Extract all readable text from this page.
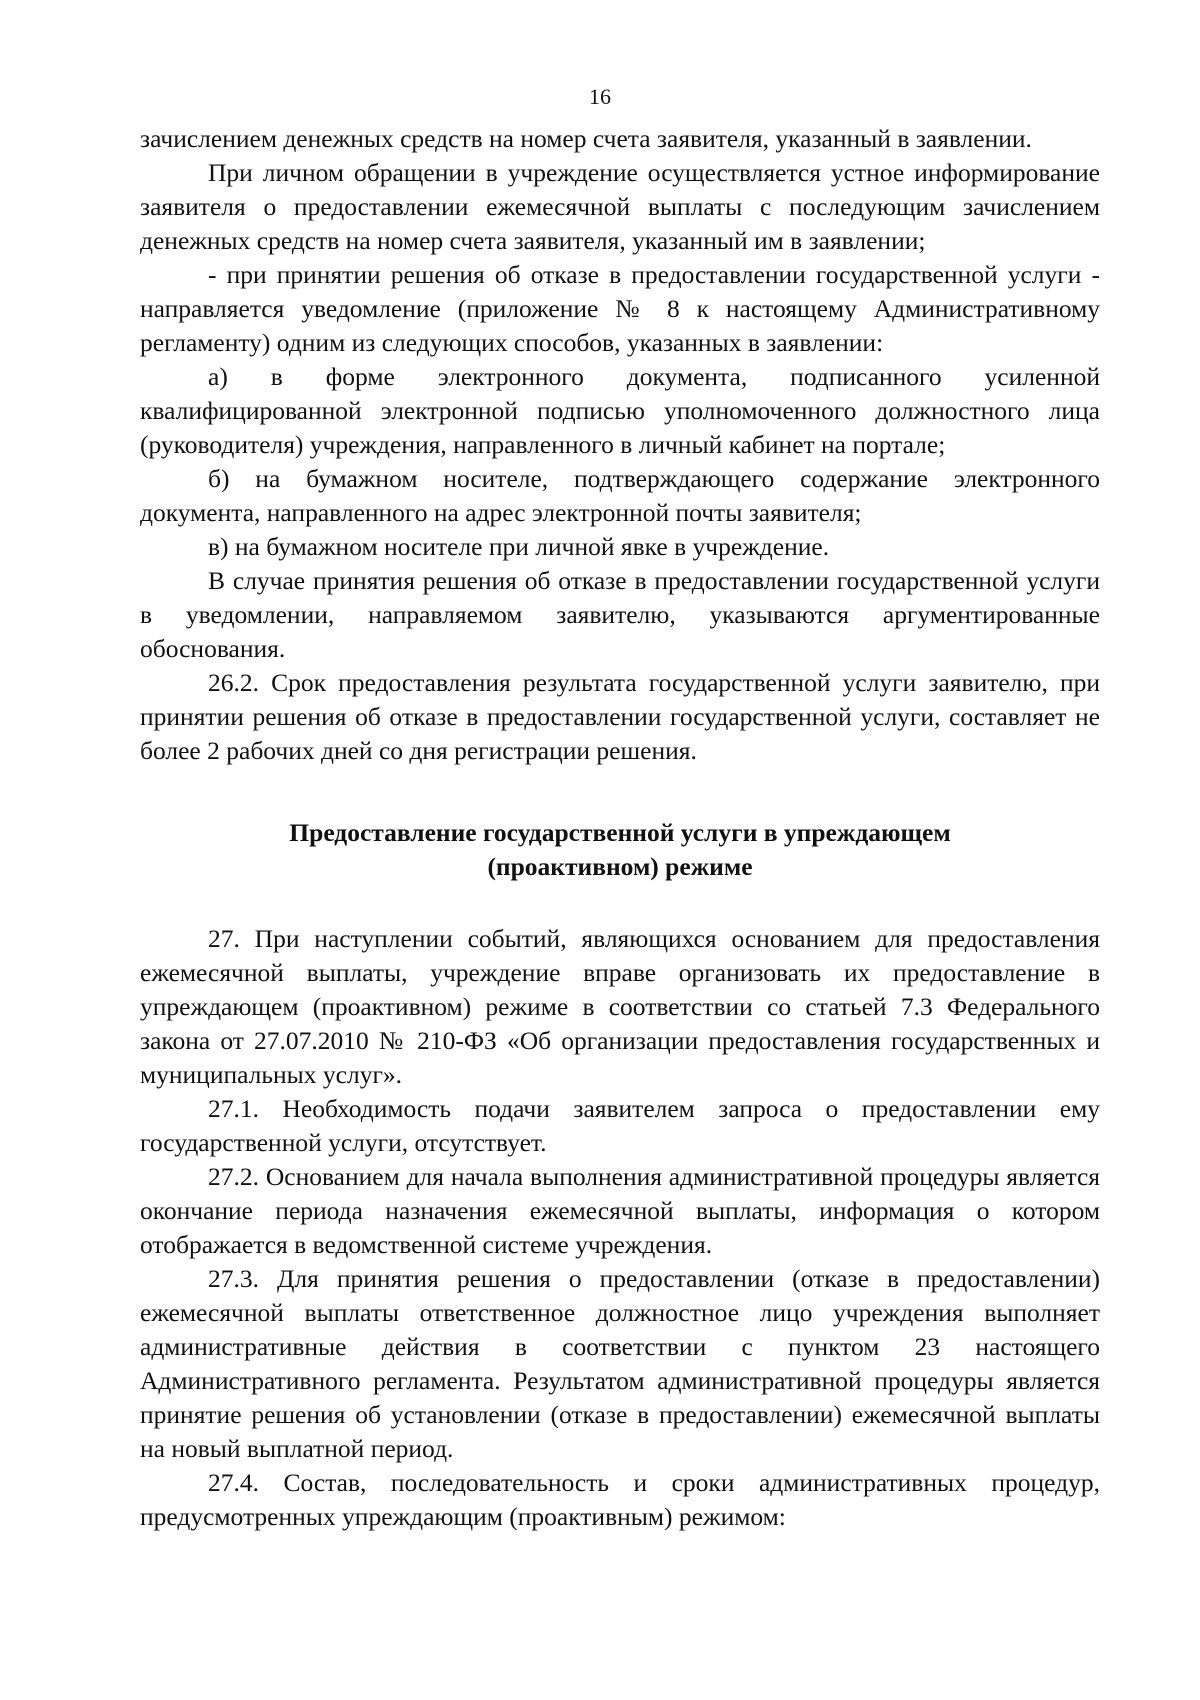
16

зачислением денежных средств на номер счета заявителя, указанный в заявлении.

При личном обращении в учреждение осуществляется устное информирование заявителя о предоставлении ежемесячной выплаты с последующим зачислением денежных средств на номер счета заявителя, указанный им в заявлении;

- при принятии решения об отказе в предоставлении государственной услуги - направляется уведомление (приложение № 8 к настоящему Административному регламенту) одним из следующих способов, указанных в заявлении:

а) в форме электронного документа, подписанного усиленной квалифицированной электронной подписью уполномоченного должностного лица (руководителя) учреждения, направленного в личный кабинет на портале;

б) на бумажном носителе, подтверждающего содержание электронного документа, направленного на адрес электронной почты заявителя;

в) на бумажном носителе при личной явке в учреждение.

В случае принятия решения об отказе в предоставлении государственной услуги в уведомлении, направляемом заявителю, указываются аргументированные обоснования.

26.2. Срок предоставления результата государственной услуги заявителю, при принятии решения об отказе в предоставлении государственной услуги, составляет не более 2 рабочих дней со дня регистрации решения.

Предоставление государственной услуги в упреждающем
(проактивном) режиме

27. При наступлении событий, являющихся основанием для предоставления ежемесячной выплаты, учреждение вправе организовать их предоставление в упреждающем (проактивном) режиме в соответствии со статьей 7.3 Федерального закона от 27.07.2010 № 210-ФЗ «Об организации предоставления государственных и муниципальных услуг».

27.1. Необходимость подачи заявителем запроса о предоставлении ему государственной услуги, отсутствует.

27.2. Основанием для начала выполнения административной процедуры является окончание периода назначения ежемесячной выплаты, информация о котором отображается в ведомственной системе учреждения.

27.3. Для принятия решения о предоставлении (отказе в предоставлении) ежемесячной выплаты ответственное должностное лицо учреждения выполняет административные действия в соответствии с пунктом 23 настоящего Административного регламента. Результатом административной процедуры является принятие решения об установлении (отказе в предоставлении) ежемесячной выплаты на новый выплатной период.

27.4. Состав, последовательность и сроки административных процедур, предусмотренных упреждающим (проактивным) режимом:
